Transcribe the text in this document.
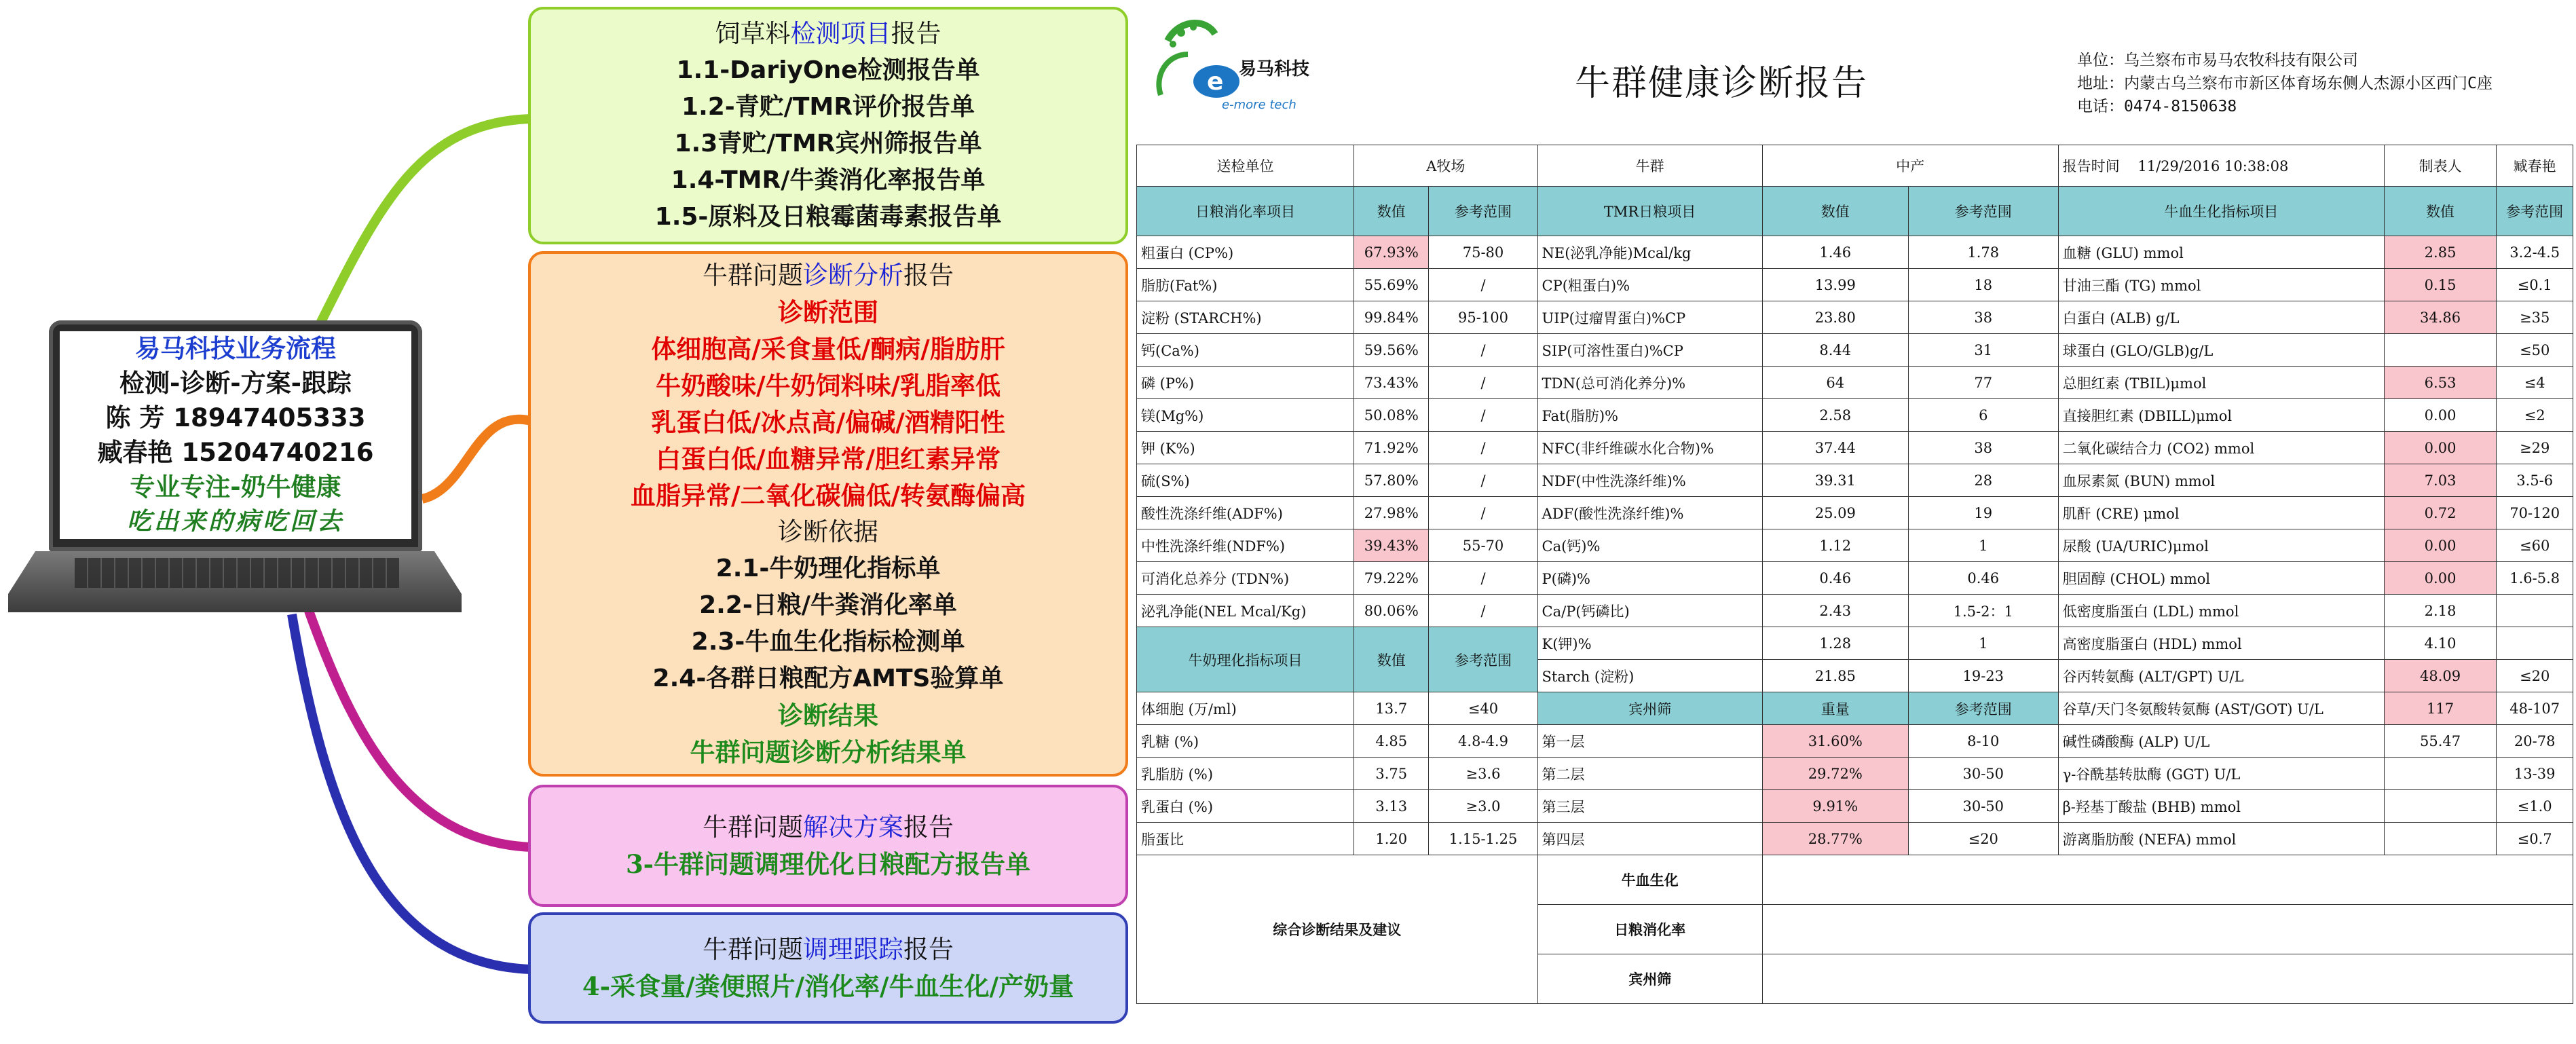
易马科技业务流程
检测-诊断-方案-跟踪
陈 芳 18947405333
臧春艳 15204740216
专业专注-奶牛健康
吃出来的病吃回去
饲草料检测项目报告
1.1-DariyOne检测报告单
1.2-青贮/TMR评价报告单
1.3青贮/TMR宾州筛报告单
1.4-TMR/牛粪消化率报告单
1.5-原料及日粮霉菌毒素报告单
牛群问题诊断分析报告
诊断范围
体细胞高/采食量低/酮病/脂肪肝
牛奶酸味/牛奶饲料味/乳脂率低
乳蛋白低/冰点高/偏碱/酒精阳性
白蛋白低/血糖异常/胆红素异常
血脂异常/二氧化碳偏低/转氨酶偏高
诊断依据
2.1-牛奶理化指标单
2.2-日粮/牛粪消化率单
2.3-牛血生化指标检测单
2.4-各群日粮配方AMTS验算单
诊断结果
牛群问题诊断分析结果单
牛群问题解决方案报告
3-牛群问题调理优化日粮配方报告单
牛群问题调理跟踪报告
4-采食量/粪便照片/消化率/牛血生化/产奶量
e 易马科技
e-more tech
牛群健康诊断报告
单位：乌兰察布市易马农牧科技有限公司
地址：内蒙古乌兰察布市新区体育场东侧人杰源小区西门C座
电话：0474-8150638
送检单位	A牧场		牛群	中产		报告时间 11/29/2016 10:38:08	制表人	臧春艳
日粮消化率项目	数值	参考范围	TMR日粮项目	数值	参考范围	牛血生化指标项目	数值	参考范围
粗蛋白 (CP%)	67.93%	75-80	NE(泌乳净能)Mcal/kg	1.46	1.78	血糖 (GLU) mmol	2.85	3.2-4.5
脂肪(Fat%)	55.69%	/	CP(粗蛋白)%	13.99	18	甘油三酯 (TG) mmol	0.15	≤0.1
淀粉 (STARCH%)	99.84%	95-100	UIP(过瘤胃蛋白)%CP	23.80	38	白蛋白 (ALB) g/L	34.86	≥35
钙(Ca%)	59.56%	/	SIP(可溶性蛋白)%CP	8.44	31	球蛋白 (GLO/GLB)g/L		≤50
磷 (P%)	73.43%	/	TDN(总可消化养分)%	64	77	总胆红素 (TBIL)μmol	6.53	≤4
镁(Mg%)	50.08%	/	Fat(脂肪)%	2.58	6	直接胆红素 (DBILL)μmol	0.00	≤2
钾 (K%)	71.92%	/	NFC(非纤维碳水化合物)%	37.44	38	二氧化碳结合力 (CO2) mmol	0.00	≥29
硫(S%)	57.80%	/	NDF(中性洗涤纤维)%	39.31	28	血尿素氮 (BUN) mmol	7.03	3.5-6
酸性洗涤纤维(ADF%)	27.98%	/	ADF(酸性洗涤纤维)%	25.09	19	肌酐 (CRE) μmol	0.72	70-120
中性洗涤纤维(NDF%)	39.43%	55-70	Ca(钙)%	1.12	1	尿酸 (UA/URIC)μmol	0.00	≤60
可消化总养分 (TDN%)	79.22%	/	P(磷)%	0.46	0.46	胆固醇 (CHOL) mmol	0.00	1.6-5.8
泌乳净能(NEL Mcal/Kg)	80.06%	/	Ca/P(钙磷比)	2.43	1.5-2：1	低密度脂蛋白 (LDL) mmol	2.18	
牛奶理化指标项目	数值	参考范围	K(钾)%	1.28	1	高密度脂蛋白 (HDL) mmol	4.10	
			Starch (淀粉)	21.85	19-23	谷丙转氨酶 (ALT/GPT) U/L	48.09	≤20
体细胞 (万/ml)	13.7	≤40	宾州筛	重量	参考范围	谷草/天门冬氨酸转氨酶 (AST/GOT) U/L	117	48-107
乳糖 (%)	4.85	4.8-4.9	第一层	31.60%	8-10	碱性磷酸酶 (ALP) U/L	55.47	20-78
乳脂肪 (%)	3.75	≥3.6	第二层	29.72%	30-50	γ-谷酰基转肽酶 (GGT) U/L		13-39
乳蛋白 (%)	3.13	≥3.0	第三层	9.91%	30-50	β-羟基丁酸盐 (BHB) mmol		≤1.0
脂蛋比	1.20	1.15-1.25	第四层	28.77%	≤20	游离脂肪酸 (NEFA) mmol		≤0.7
综合诊断结果及建议			牛血生化					
			日粮消化率					
			宾州筛					
